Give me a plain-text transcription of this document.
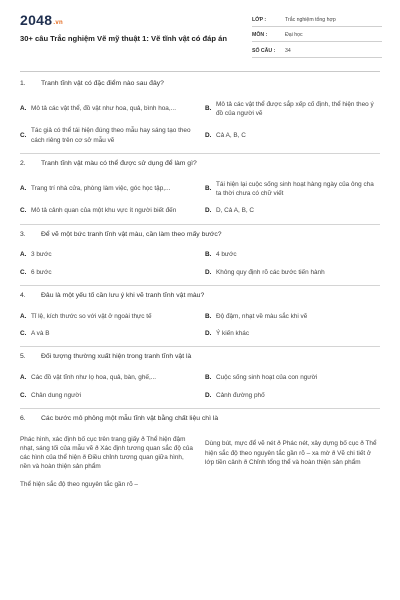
2048.vn
30+ câu Trắc nghiệm Vẽ mỹ thuật 1: Vẽ tĩnh vật có đáp án
LỚP :	Trắc nghiệm tổng hợp
MÔN :	Đại học
SỐ CÂU :	34
1.	Tranh tĩnh vật có đặc điểm nào sau đây?
A. Mô tả các vật thể, đồ vật như hoa, quả, bình hoa,...	B.
Mô tả các vật thể được sắp xếp cố định, thể hiện theo ý đồ của người vẽ
C.
Tác giả có thể tái hiện đúng theo mẫu hay sáng tạo theo cách riêng trên cơ sở mẫu vẽ
D. Cả A, B, C
2.	Tranh tĩnh vật màu có thể được sử dụng để làm gì?
A. Trang trí nhà cửa, phòng làm việc, góc học tập,...	B.
Tái hiện lại cuộc sống sinh hoạt hàng ngày của ông cha ta thời chưa có chữ viết
C. Mô tả cảnh quan của một khu vực ít người biết đến	D. D, Cả A, B, C
3.	Để vẽ một bức tranh tĩnh vật màu, cần làm theo mấy bước?
A. 3 bước	B. 4 bước
C. 6 bước	D. Không quy định rõ các bước tiến hành
4.	Đâu là một yếu tố cần lưu ý khi vẽ tranh tĩnh vật màu?
A. Tỉ lệ, kích thước so với vật ở ngoài thực tế	B. Độ đậm, nhạt về màu sắc khi vẽ
C. A và B	D. Ý kiến khác
5.	Đối tượng thường xuất hiện trong tranh tĩnh vật là
A. Các đồ vật tĩnh như lọ hoa, quả, bàn, ghế,...	B. Cuộc sống sinh hoạt của con người
C. Chân dung người	D. Cảnh đường phố
6.	Các bước mô phỏng một mẫu tĩnh vật bằng chất liệu chì là
Phác hình, xác định bố cục trên trang giấy ð Thể hiện đậm nhạt, sáng tối của mẫu vẽ ð Xác định tương quan sắc độ của các hình của thể hiện ð Điều chỉnh tương quan giữa hình, nền và hoàn thiện sản phẩm
Dùng bút, mực để vẽ nét ð Phác nét, xây dựng bố cục ð Thể hiện sắc độ theo nguyên tắc gần rõ – xa mờ ð Vẽ chi tiết ở lớp tiền cảnh ð Chỉnh tổng thể và hoàn thiện sản phẩm
Thể hiện sắc độ theo nguyên tắc gần rõ –
